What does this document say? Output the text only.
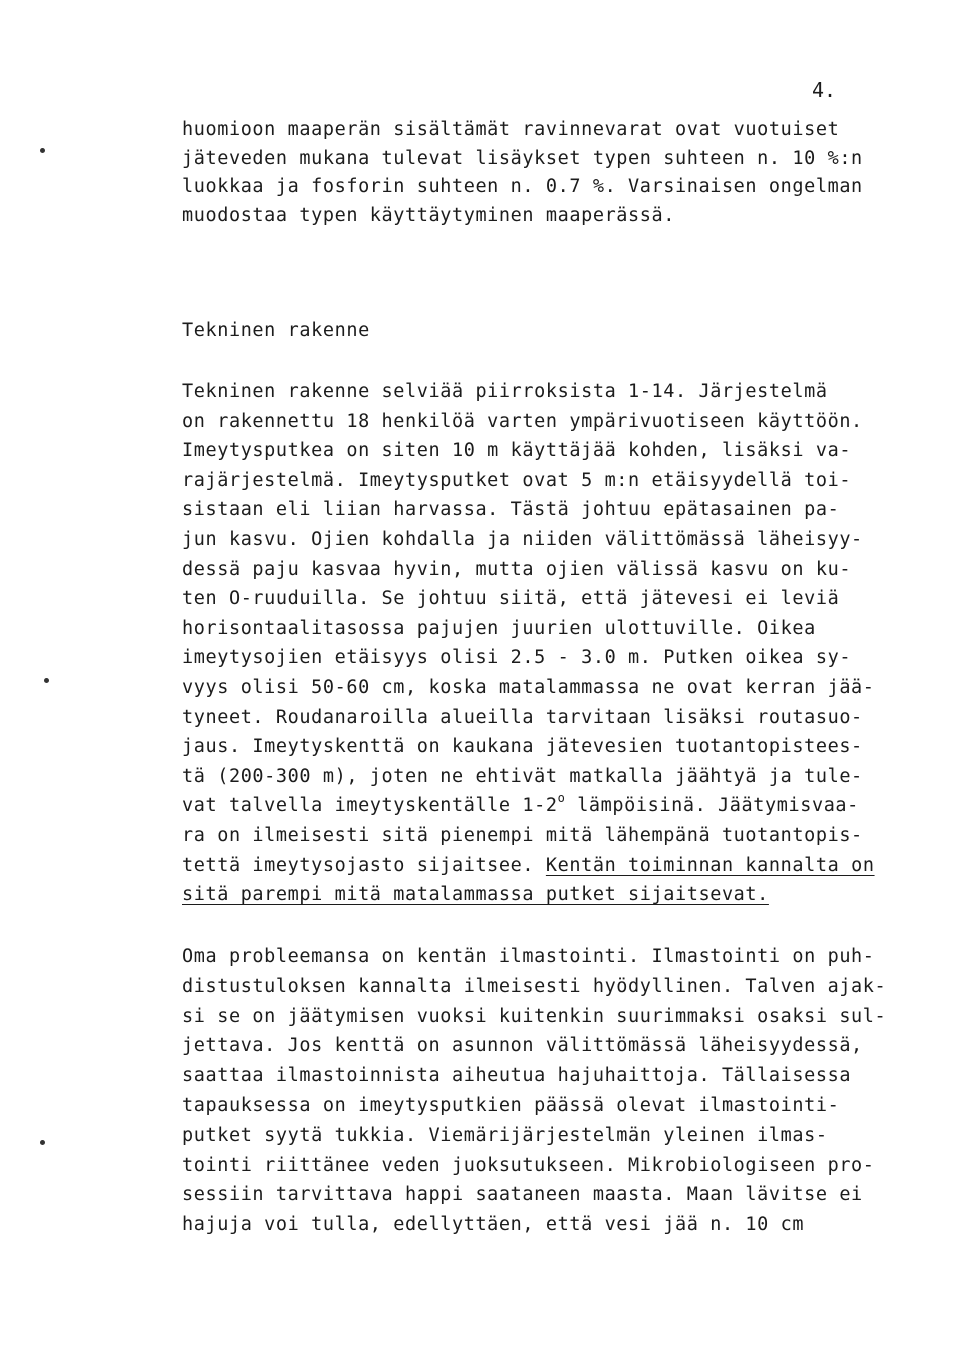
4.
huomioon maaperän sisältämät ravinnevarat ovat vuotuiset
jäteveden mukana tulevat lisäykset typen suhteen n. 10 %:n
luokkaa ja fosforin suhteen n. 0.7 %. Varsinaisen ongelman
muodostaa typen käyttäytyminen maaperässä.
Tekninen rakenne
Tekninen rakenne selviää piirroksista 1-14. Järjestelmä
on rakennettu 18 henkilöä varten ympärivuotiseen käyttöön.
Imeytysputkea on siten 10 m käyttäjää kohden, lisäksi va-
rajärjestelmä. Imeytysputket ovat 5 m:n etäisyydellä toi-
sistaan eli liian harvassa. Tästä johtuu epätasainen pa-
jun kasvu. Ojien kohdalla ja niiden välittömässä läheisyy-
dessä paju kasvaa hyvin, mutta ojien välissä kasvu on ku-
ten O-ruuduilla. Se johtuu siitä, että jätevesi ei leviä
horisontaalitasossa pajujen juurien ulottuville. Oikea
imeytysojien etäisyys olisi 2.5 - 3.0 m. Putken oikea sy-
vyys olisi 50-60 cm, koska matalammassa ne ovat kerran jää-
tyneet. Roudanaroilla alueilla tarvitaan lisäksi routasuo-
jaus. Imeytyskenttä on kaukana jätevesien tuotantopistees-
tä (200-300 m), joten ne ehtivät matkalla jäähtyä ja tule-
vat talvella imeytyskentälle 1-2$^o$ lämpöisinä. Jäätymisvaa-
ra on ilmeisesti sitä pienempi mitä lähempänä tuotantopis-
tettä imeytysojasto sijaitsee. Kentän toiminnan kannalta on
sitä parempi mitä matalammassa putket sijaitsevat.
Oma probleemansa on kentän ilmastointi. Ilmastointi on puh-
distustuloksen kannalta ilmeisesti hyödyllinen. Talven ajak-
si se on jäätymisen vuoksi kuitenkin suurimmaksi osaksi sul-
jettava. Jos kenttä on asunnon välittömässä läheisyydessä,
saattaa ilmastoinnista aiheutua hajuhaittoja. Tällaisessa
tapauksessa on imeytysputkien päässä olevat ilmastointi-
putket syytä tukkia. Viemärijärjestelmän yleinen ilmas-
tointi riittänee veden juoksutukseen. Mikrobiologiseen pro-
sessiin tarvittava happi saataneen maasta. Maan lävitse ei
hajuja voi tulla, edellyttäen, että vesi jää n. 10 cm
